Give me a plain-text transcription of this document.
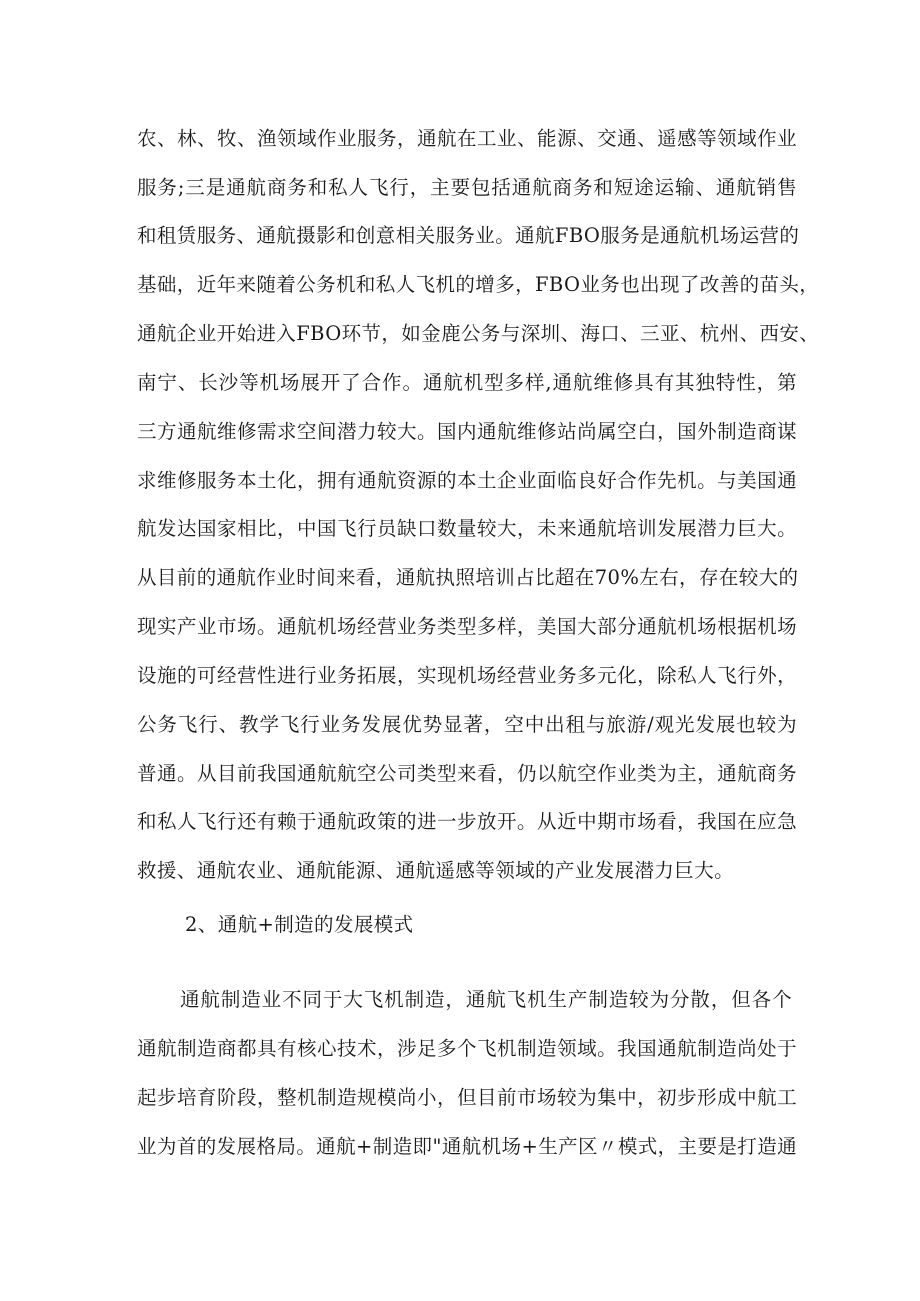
农、林、牧、渔领域作业服务，通航在工业、能源、交通、遥感等领域作业
服务;三是通航商务和私人飞行，主要包括通航商务和短途运输、通航销售
和租赁服务、通航摄影和创意相关服务业。通航FBO服务是通航机场运营的
基础，近年来随着公务机和私人飞机的增多，FBO业务也出现了改善的苗头，
通航企业开始进入FBO环节，如金鹿公务与深圳、海口、三亚、杭州、西安、
南宁、长沙等机场展开了合作。通航机型多样,通航维修具有其独特性，第
三方通航维修需求空间潜力较大。国内通航维修站尚属空白，国外制造商谋
求维修服务本土化，拥有通航资源的本土企业面临良好合作先机。与美国通
航发达国家相比，中国飞行员缺口数量较大，未来通航培训发展潜力巨大。
从目前的通航作业时间来看，通航执照培训占比超在70%左右，存在较大的
现实产业市场。通航机场经营业务类型多样，美国大部分通航机场根据机场
设施的可经营性进行业务拓展，实现机场经营业务多元化，除私人飞行外，
公务飞行、教学飞行业务发展优势显著，空中出租与旅游/观光发展也较为
普通。从目前我国通航航空公司类型来看，仍以航空作业类为主，通航商务
和私人飞行还有赖于通航政策的进一步放开。从近中期市场看，我国在应急
救援、通航农业、通航能源、通航遥感等领域的产业发展潜力巨大。
2、通航+制造的发展模式
通航制造业不同于大飞机制造，通航飞机生产制造较为分散，但各个
通航制造商都具有核心技术，涉足多个飞机制造领域。我国通航制造尚处于
起步培育阶段，整机制造规模尚小，但目前市场较为集中，初步形成中航工
业为首的发展格局。通航+制造即"通航机场+生产区〃模式，主要是打造通
